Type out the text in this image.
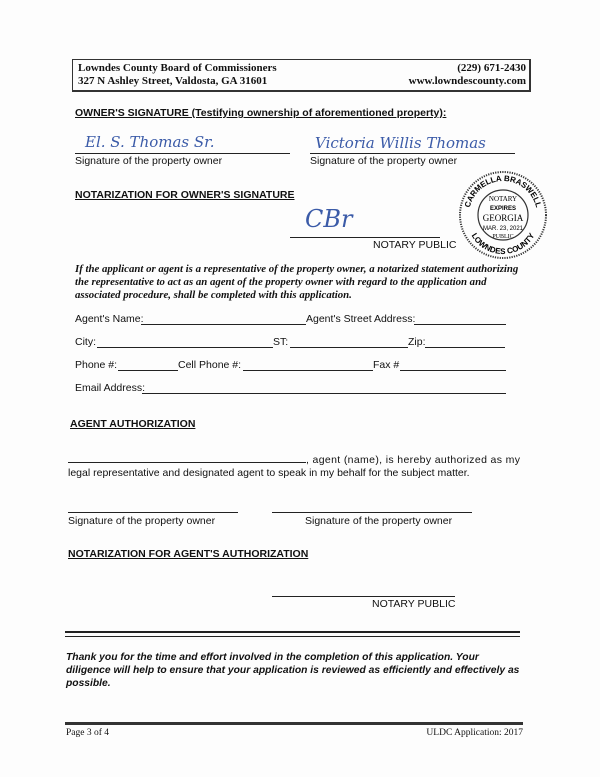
Lowndes County Board of Commissioners
327 N Ashley Street, Valdosta, GA 31601
(229) 671-2430
www.lowndescounty.com
OWNER'S SIGNATURE (Testifying ownership of aforementioned property):
El. S. Thomas Sr.	Victoria Willis Thomas
Signature of the property owner	Signature of the property owner
NOTARIZATION FOR OWNER'S SIGNATURE
CBr
NOTARY PUBLIC
CARMELLA BRASWELL
LOWNDES COUNTY
NOTARY
EXPIRES
GEORGIA
MAR. 23, 2021
PUBLIC
If the applicant or agent is a representative of the property owner, a notarized statement authorizing the representative to act as an agent of the property owner with regard to the application and associated procedure, shall be completed with this application.
Agent's Name:	Agent's Street Address:
City:	ST:	Zip:
Phone #:	Cell Phone #:	Fax #
Email Address:
AGENT AUTHORIZATION
, agent (name), is hereby authorized as my
legal representative and designated agent to speak in my behalf for the subject matter.
Signature of the property owner	Signature of the property owner
NOTARIZATION FOR AGENT'S AUTHORIZATION
NOTARY PUBLIC
Thank you for the time and effort involved in the completion of this application. Your diligence will help to ensure that your application is reviewed as efficiently and effectively as possible.
Page 3 of 4	ULDC Application: 2017
